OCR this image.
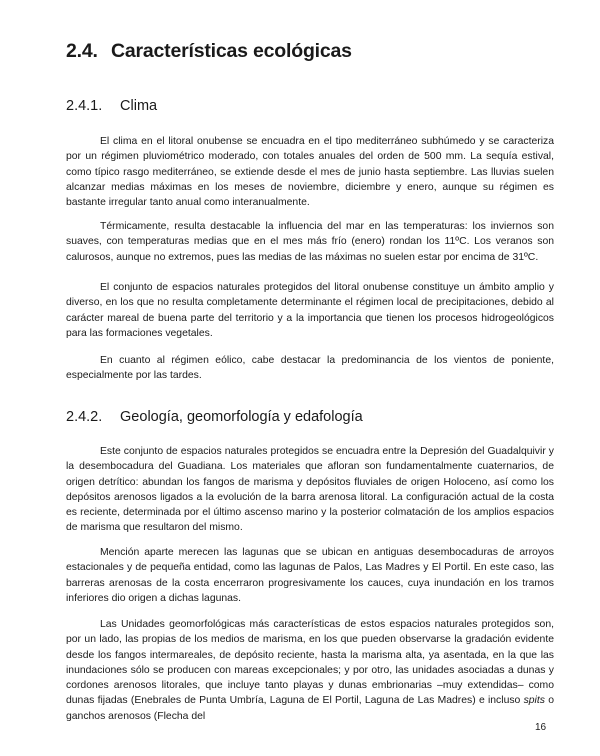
2.4. Características ecológicas
2.4.1. Clima

El clima en el litoral onubense se encuadra en el tipo mediterráneo subhúmedo y se caracteriza por un régimen pluviométrico moderado, con totales anuales del orden de 500 mm. La sequía estival, como típico rasgo mediterráneo, se extiende desde el mes de junio hasta septiembre. Las lluvias suelen alcanzar medias máximas en los meses de noviembre, diciembre y enero, aunque su régimen es bastante irregular tanto anual como interanualmente.

Térmicamente, resulta destacable la influencia del mar en las temperaturas: los inviernos son suaves, con temperaturas medias que en el mes más frío (enero) rondan los 11ºC. Los veranos son calurosos, aunque no extremos, pues las medias de las máximas no suelen estar por encima de 31ºC.

El conjunto de espacios naturales protegidos del litoral onubense constituye un ámbito amplio y diverso, en los que no resulta completamente determinante el régimen local de precipitaciones, debido al carácter mareal de buena parte del territorio y a la importancia que tienen los procesos hidrogeológicos para las formaciones vegetales.

En cuanto al régimen eólico, cabe destacar la predominancia de los vientos de poniente, especialmente por las tardes.

2.4.2. Geología, geomorfología y edafología

Este conjunto de espacios naturales protegidos se encuadra entre la Depresión del Guadalquivir y la desembocadura del Guadiana. Los materiales que afloran son fundamentalmente cuaternarios, de origen detrítico: abundan los fangos de marisma y depósitos fluviales de origen Holoceno, así como los depósitos arenosos ligados a la evolución de la barra arenosa litoral. La configuración actual de la costa es reciente, determinada por el último ascenso marino y la posterior colmatación de los amplios espacios de marisma que resultaron del mismo.

Mención aparte merecen las lagunas que se ubican en antiguas desembocaduras de arroyos estacionales y de pequeña entidad, como las lagunas de Palos, Las Madres y El Portil. En este caso, las barreras arenosas de la costa encerraron progresivamente los cauces, cuya inundación en los tramos inferiores dio origen a dichas lagunas.

Las Unidades geomorfológicas más características de estos espacios naturales protegidos son, por un lado, las propias de los medios de marisma, en los que pueden observarse la gradación evidente desde los fangos intermareales, de depósito reciente, hasta la marisma alta, ya asentada, en la que las inundaciones sólo se producen con mareas excepcionales; y por otro, las unidades asociadas a dunas y cordones arenosos litorales, que incluye tanto playas y dunas embrionarias –muy extendidas– como dunas fijadas (Enebrales de Punta Umbría, Laguna de El Portil, Laguna de Las Madres) e incluso spits o ganchos arenosos (Flecha del

16
